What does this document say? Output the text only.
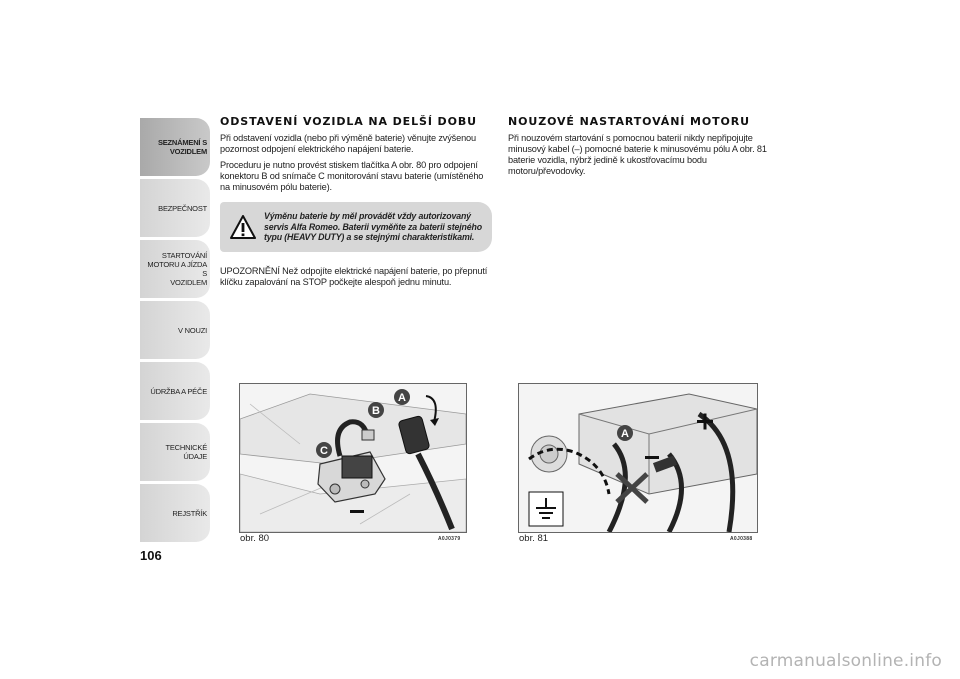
SEZNÁMENÍ S
VOZIDLEM
BEZPEČNOST
STARTOVÁNÍ
MOTORU A JÍZDA S
VOZIDLEM
V NOUZI
ÚDRŽBA A PÉČE
TECHNICKÉ ÚDAJE
REJSTŘÍK
106
ODSTAVENÍ VOZIDLA NA DELŠÍ DOBU

Při odstavení vozidla (nebo při výměně baterie) věnujte zvýšenou pozornost odpojení elektrického napájení baterie.

Proceduru je nutno provést stiskem tlačítka A obr. 80 pro odpojení konektoru B od snímače C monitorování stavu baterie (umístěného na minusovém pólu baterie).

Výměnu baterie by měl provádět vždy autorizovaný servis Alfa Romeo. Baterii vyměňte za baterii stejného typu (HEAVY DUTY) a se stejnými charakteristikami.

UPOZORNĚNÍ Než odpojíte elektrické napájení baterie, po přepnutí klíčku zapalování na STOP počkejte alespoň jednu minutu.

NOUZOVÉ NASTARTOVÁNÍ MOTORU

Při nouzovém startování s pomocnou baterií nikdy nepřipojujte minusový kabel (–) pomocné baterie k minusovému pólu A obr. 81 baterie vozidla, nýbrž jedině k ukostřovacímu bodu motoru/převodovky.

A
B
C
obr. 80	A0J0379
A
obr. 81	A0J0388
carmanualsonline.info
